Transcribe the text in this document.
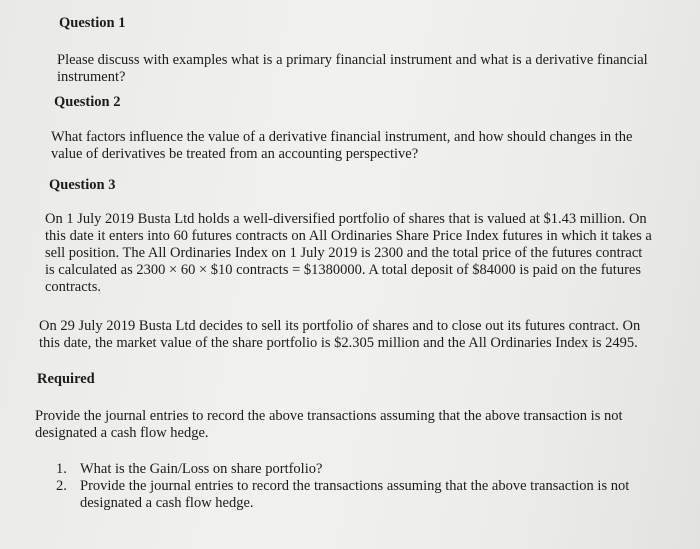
Question 1
Please discuss with examples what is a primary financial instrument and what is a derivative financial
instrument?
Question 2
What factors influence the value of a derivative financial instrument, and how should changes in the
value of derivatives be treated from an accounting perspective?
Question 3
On 1 July 2019 Busta Ltd holds a well-diversified portfolio of shares that is valued at $1.43 million. On
this date it enters into 60 futures contracts on All Ordinaries Share Price Index futures in which it takes a
sell position. The All Ordinaries Index on 1 July 2019 is 2300 and the total price of the futures contract
is calculated as 2300 × 60 × $10 contracts = $1380000. A total deposit of $84000 is paid on the futures
contracts.
On 29 July 2019 Busta Ltd decides to sell its portfolio of shares and to close out its futures contract. On
this date, the market value of the share portfolio is $2.305 million and the All Ordinaries Index is 2495.
Required
Provide the journal entries to record the above transactions assuming that the above transaction is not
designated a cash flow hedge.
1. What is the Gain/Loss on share portfolio?
2. Provide the journal entries to record the transactions assuming that the above transaction is not
designated a cash flow hedge.
